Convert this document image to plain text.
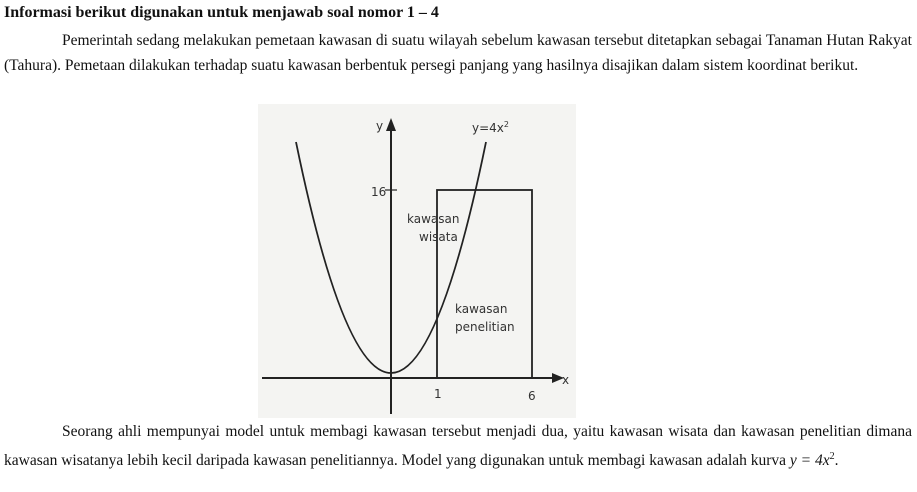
Informasi berikut digunakan untuk menjawab soal nomor 1 – 4

Pemerintah sedang melakukan pemetaan kawasan di suatu wilayah sebelum kawasan tersebut ditetapkan sebagai Tanaman Hutan Rakyat (Tahura). Pemetaan dilakukan terhadap suatu kawasan berbentuk persegi panjang yang hasilnya disajikan dalam sistem koordinat berikut.

y
x
$y=4x^2$
16
1	6
kawasan
wisata
kawasan
penelitian

Seorang ahli mempunyai model untuk membagi kawasan tersebut menjadi dua, yaitu kawasan wisata dan kawasan penelitian dimana kawasan wisatanya lebih kecil daripada kawasan penelitiannya. Model yang digunakan untuk membagi kawasan adalah kurva $y = 4x^2$.
